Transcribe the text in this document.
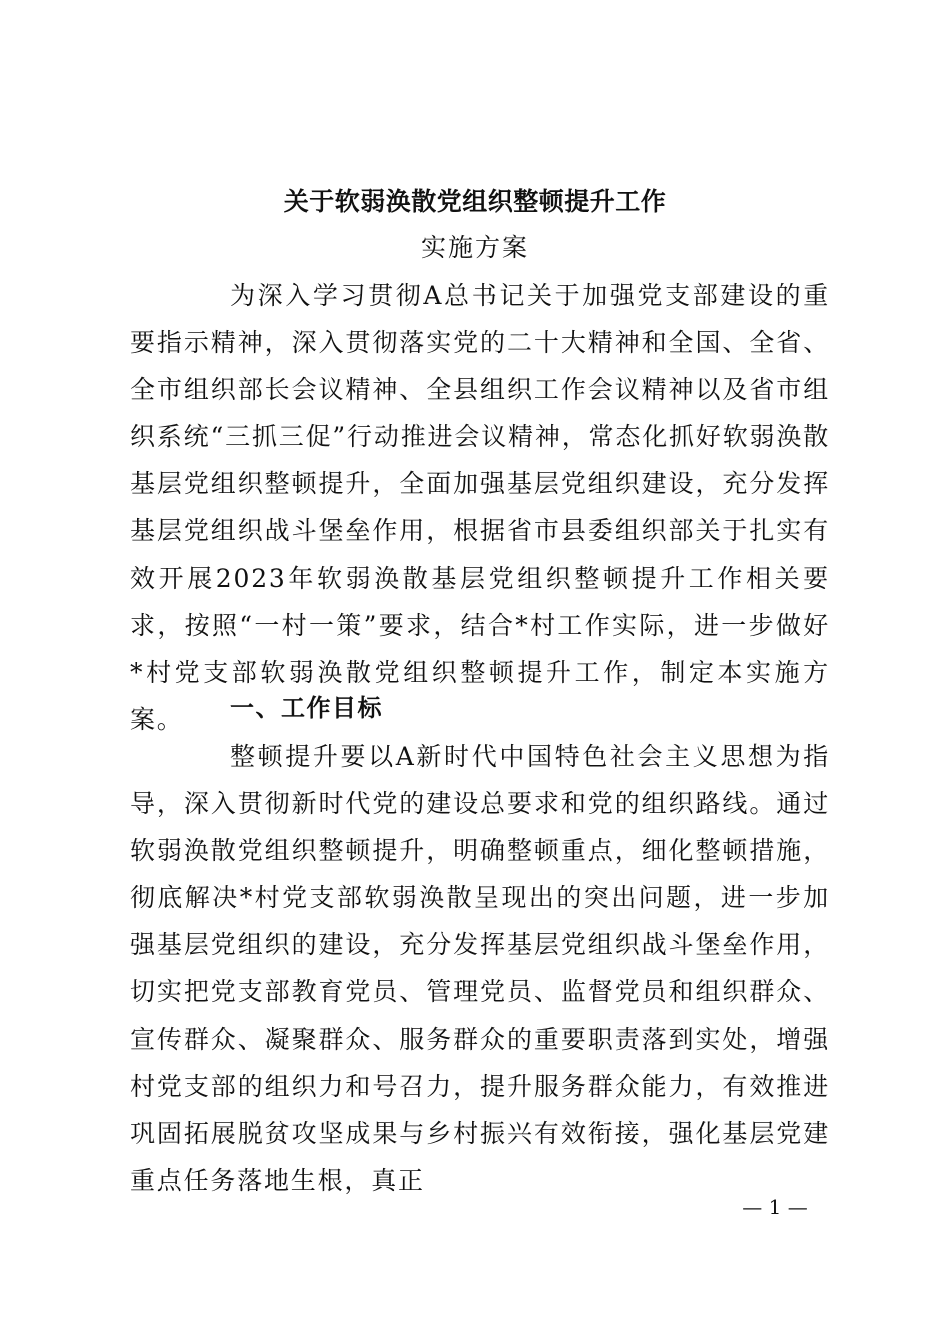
关于软弱涣散党组织整顿提升工作
实施方案

为深入学习贯彻A总书记关于加强党支部建设的重要指示精神，深入贯彻落实党的二十大精神和全国、全省、全市组织部长会议精神、全县组织工作会议精神以及省市组织系统“三抓三促”行动推进会议精神，常态化抓好软弱涣散基层党组织整顿提升，全面加强基层党组织建设，充分发挥基层党组织战斗堡垒作用，根据省市县委组织部关于扎实有效开展2023年软弱涣散基层党组织整顿提升工作相关要求，按照“一村一策”要求，结合*村工作实际，进一步做好*村党支部软弱涣散党组织整顿提升工作，制定本实施方案。	一、工作目标

整顿提升要以A新时代中国特色社会主义思想为指导，深入贯彻新时代党的建设总要求和党的组织路线。通过软弱涣散党组织整顿提升，明确整顿重点，细化整顿措施，彻底解决*村党支部软弱涣散呈现出的突出问题，进一步加强基层党组织的建设，充分发挥基层党组织战斗堡垒作用，切实把党支部教育党员、管理党员、监督党员和组织群众、宣传群众、凝聚群众、服务群众的重要职责落到实处，增强村党支部的组织力和号召力，提升服务群众能力，有效推进巩固拓展脱贫攻坚成果与乡村振兴有效衔接，强化基层党建重点任务落地生根，真正

— 1 —
